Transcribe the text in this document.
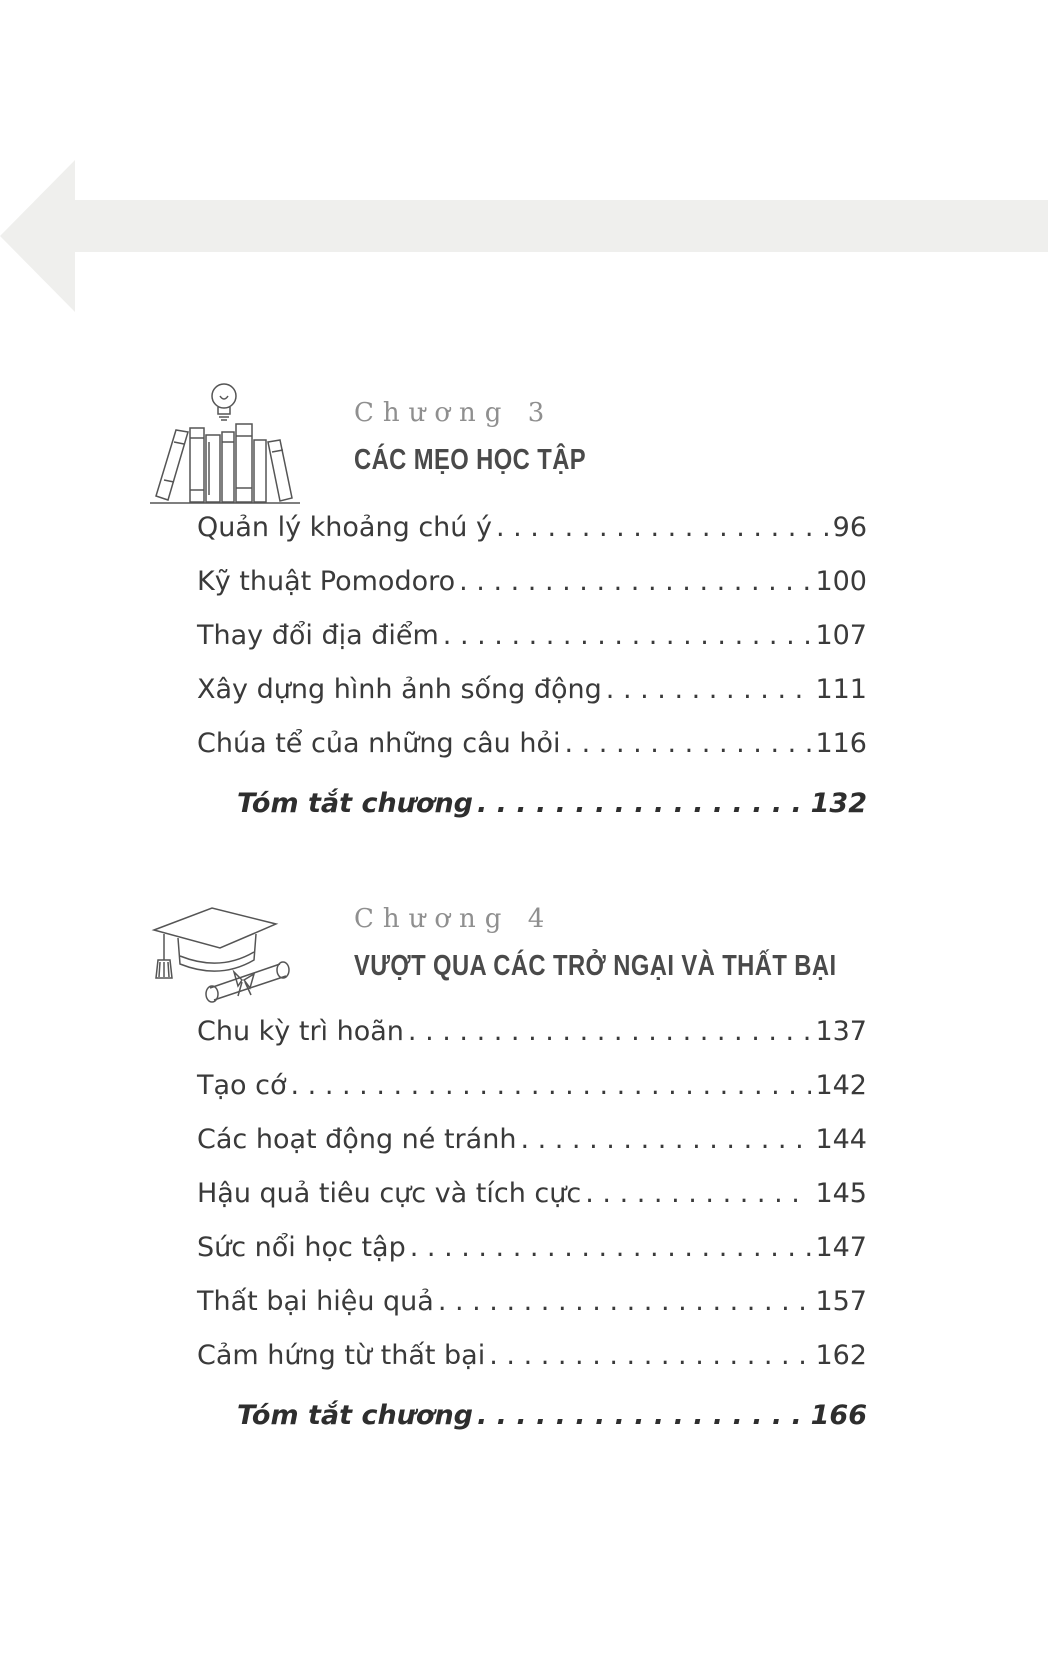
Chương 3
CÁC MẸO HỌC TẬP
Quản lý khoảng chú ý . . .	96
Kỹ thuật Pomodoro . . .	100
Thay đổi địa điểm . . .	107
Xây dựng hình ảnh sống động . . .	111
Chúa tể của những câu hỏi . . .	116
Tóm tắt chương . . .	132
Chương 4
VƯỢT QUA CÁC TRỞ NGẠI VÀ THẤT BẠI
Chu kỳ trì hoãn . . .	137
Tạo cớ . . .	142
Các hoạt động né tránh . . .	144
Hậu quả tiêu cực và tích cực . . .	145
Sức nổi học tập . . .	147
Thất bại hiệu quả . . .	157
Cảm hứng từ thất bại . . .	162
Tóm tắt chương . . .	166
